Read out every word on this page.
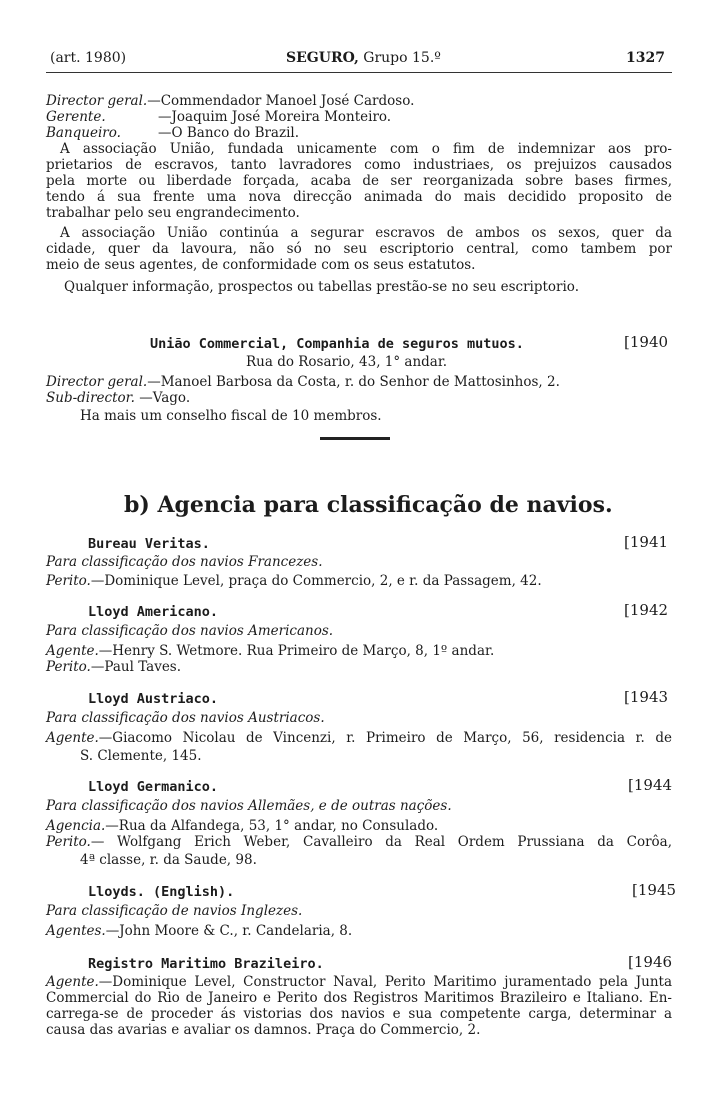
(art. 1980)	SEGURO, Grupo 15.º	1327
Director geral.—Commendador Manoel José Cardoso.
Gerente.	—Joaquim José Moreira Monteiro.
Banqueiro.	—O Banco do Brazil.
A associação União, fundada unicamente com o fim de indemnizar aos pro-
prietarios de escravos, tanto lavradores como industriaes, os prejuizos causados
pela morte ou liberdade forçada, acaba de ser reorganizada sobre bases firmes,
tendo á sua frente uma nova direcção animada do mais decidido proposito de
trabalhar pelo seu engrandecimento.
A associação União continúa a segurar escravos de ambos os sexos, quer da
cidade, quer da lavoura, não só no seu escriptorio central, como tambem por
meio de seus agentes, de conformidade com os seus estatutos.
Qualquer informação, prospectos ou tabellas prestão-se no seu escriptorio.
União Commercial, Companhia de seguros mutuos.	[1940
Rua do Rosario, 43, 1° andar.
Director geral.—Manoel Barbosa da Costa, r. do Senhor de Mattosinhos, 2.
Sub-director. —Vago.
Ha mais um conselho fiscal de 10 membros.
b) Agencia para classificação de navios.
Bureau Veritas.	[1941
Para classificação dos navios Francezes.
Perito.—Dominique Level, praça do Commercio, 2, e r. da Passagem, 42.
Lloyd Americano.	[1942
Para classificação dos navios Americanos.
Agente.—Henry S. Wetmore. Rua Primeiro de Março, 8, 1º andar.
Perito.—Paul Taves.
Lloyd Austriaco.	[1943
Para classificação dos navios Austriacos.
Agente.—Giacomo Nicolau de Vincenzi, r. Primeiro de Março, 56, residencia r. de
S. Clemente, 145.
Lloyd Germanico.	[1944
Para classificação dos navios Allemães, e de outras nações.
Agencia.—Rua da Alfandega, 53, 1° andar, no Consulado.
Perito.— Wolfgang Erich Weber, Cavalleiro da Real Ordem Prussiana da Corôa,
4ª classe, r. da Saude, 98.
Lloyds. (English).	[1945
Para classificação de navios Inglezes.
Agentes.—John Moore & C., r. Candelaria, 8.
Registro Maritimo Brazileiro.	[1946
Agente.—Dominique Level, Constructor Naval, Perito Maritimo juramentado pela Junta
Commercial do Rio de Janeiro e Perito dos Registros Maritimos Brazileiro e Italiano. En-
carrega-se de proceder ás vistorias dos navios e sua competente carga, determinar a
causa das avarias e avaliar os damnos. Praça do Commercio, 2.
